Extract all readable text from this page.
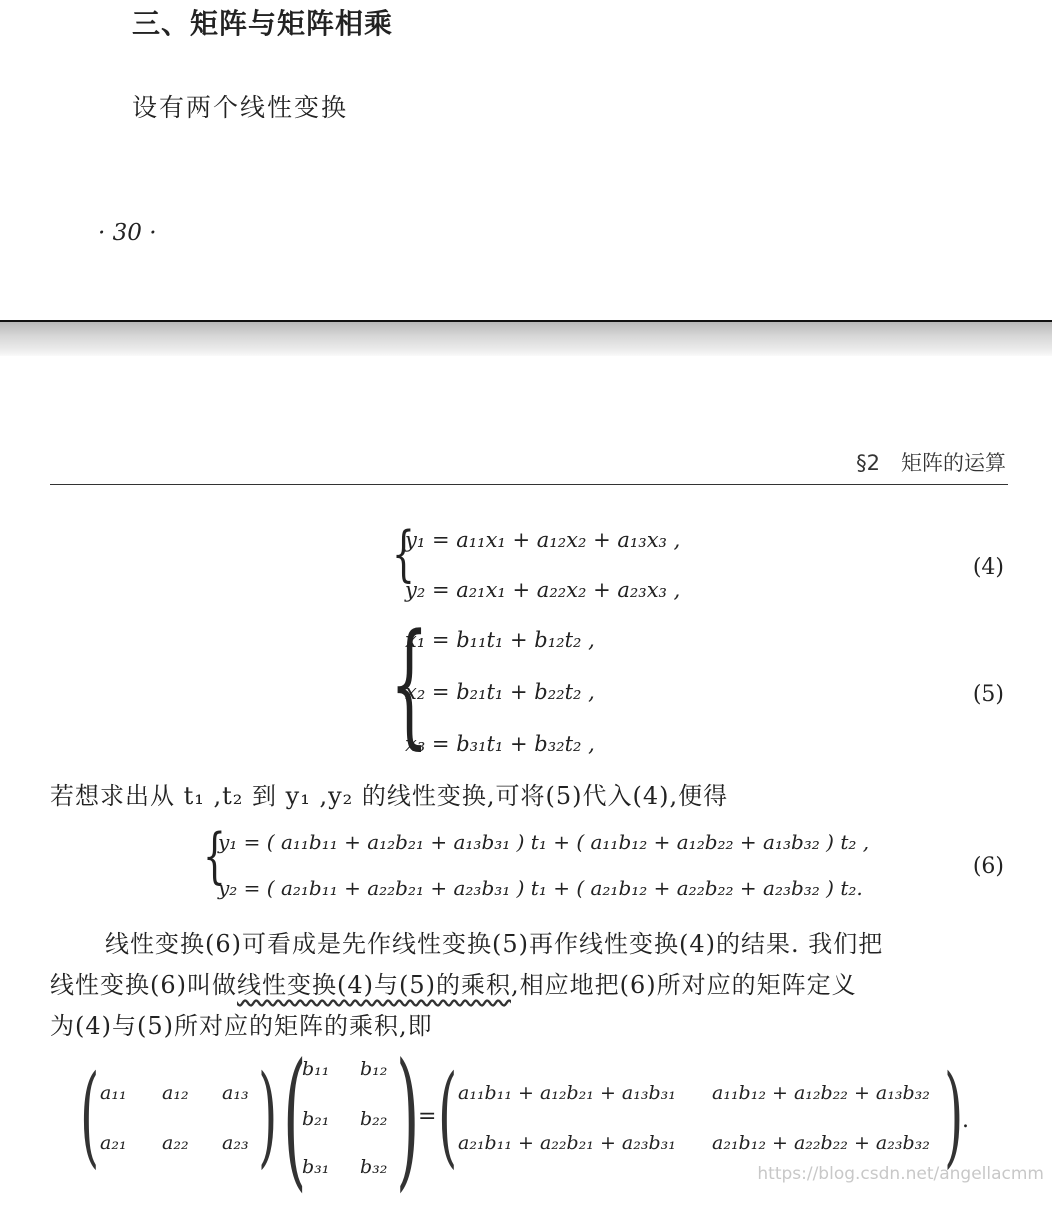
三、矩阵与矩阵相乘
设有两个线性变换
· 30 ·
§2　矩阵的运算
{
y₁ = a₁₁x₁ + a₁₂x₂ + a₁₃x₃ ,
y₂ = a₂₁x₁ + a₂₂x₂ + a₂₃x₃ ,
(4)
{
x₁ = b₁₁t₁ + b₁₂t₂ ,
x₂ = b₂₁t₁ + b₂₂t₂ ,
x₃ = b₃₁t₁ + b₃₂t₂ ,
(5)
若想求出从 t₁ ,t₂ 到 y₁ ,y₂ 的线性变换,可将(5)代入(4),便得
{
y₁ = ( a₁₁b₁₁ + a₁₂b₂₁ + a₁₃b₃₁ ) t₁ + ( a₁₁b₁₂ + a₁₂b₂₂ + a₁₃b₃₂ ) t₂ ,
y₂ = ( a₂₁b₁₁ + a₂₂b₂₁ + a₂₃b₃₁ ) t₁ + ( a₂₁b₁₂ + a₂₂b₂₂ + a₂₃b₃₂ ) t₂.
(6)
线性变换(6)可看成是先作线性变换(5)再作线性变换(4)的结果. 我们把
线性变换(6)叫做线性变换(4)与(5)的乘积,相应地把(6)所对应的矩阵定义
为(4)与(5)所对应的矩阵的乘积,即
( a₁₁ a₁₂ a₁₃
a₂₁ a₂₂ a₂₃ ) (
b₁₁ b₁₂
b₂₁ b₂₂
b₃₁ b₃₂ )
= ( a₁₁b₁₁ + a₁₂b₂₁ + a₁₃b₃₁ a₁₁b₁₂ + a₁₂b₂₂ + a₁₃b₃₂
a₂₁b₁₁ + a₂₂b₂₁ + a₂₃b₃₁ a₂₁b₁₂ + a₂₂b₂₂ + a₂₃b₃₂ )
.
https://blog.csdn.net/angellacmm
